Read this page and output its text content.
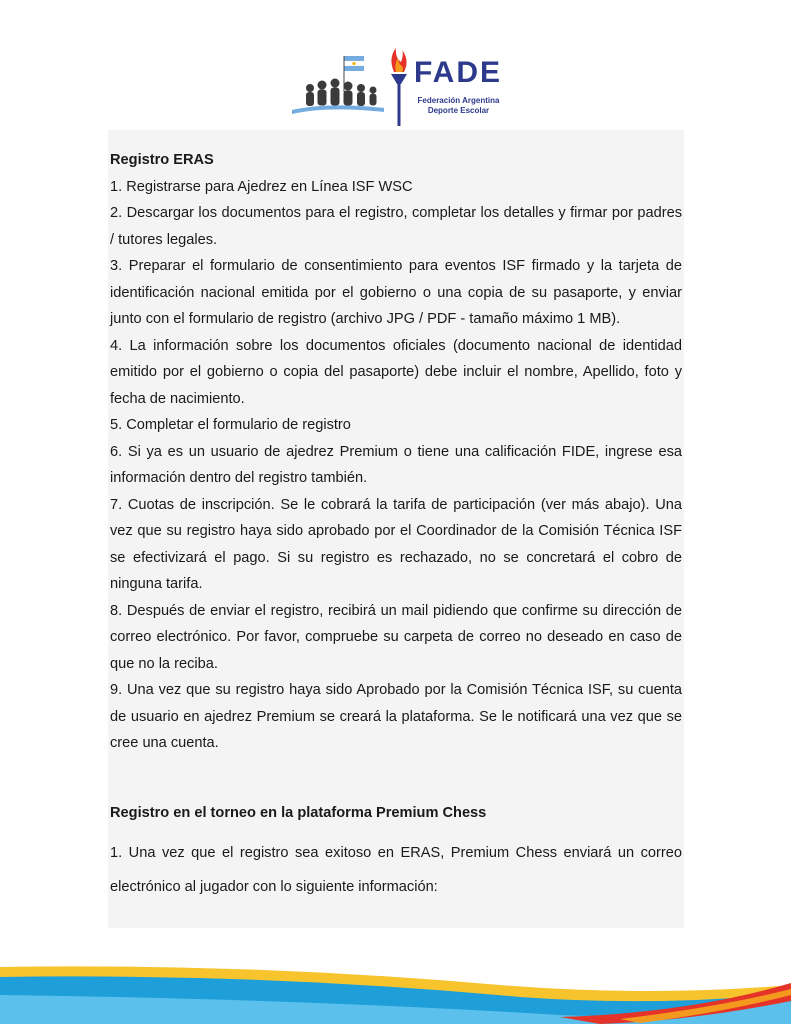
FADE
Federación Argentina
Deporte Escolar

Registro ERAS

1. Registrarse para Ajedrez en Línea ISF WSC

2. Descargar los documentos para el registro, completar los detalles y firmar por padres / tutores legales.

3. Preparar el formulario de consentimiento para eventos ISF firmado y la tarjeta de identificación nacional emitida por el gobierno o una copia de su pasaporte, y enviar junto con el formulario de registro (archivo JPG / PDF - tamaño máximo 1 MB).

4. La información sobre los documentos oficiales (documento nacional de identidad emitido por el gobierno o copia del pasaporte) debe incluir el nombre, Apellido, foto y fecha de nacimiento.

5. Completar el formulario de registro

6. Si ya es un usuario de ajedrez Premium o tiene una calificación FIDE, ingrese esa información dentro del registro también.

7. Cuotas de inscripción. Se le cobrará la tarifa de participación (ver más abajo). Una vez que su registro haya sido aprobado por el Coordinador de la Comisión Técnica ISF se efectivizará el pago. Si su registro es rechazado, no se concretará el cobro de ninguna tarifa.

8. Después de enviar el registro, recibirá un mail pidiendo que confirme su dirección de correo electrónico. Por favor, compruebe su carpeta de correo no deseado en caso de que no la reciba.

9. Una vez que su registro haya sido Aprobado por la Comisión Técnica ISF, su cuenta de usuario en ajedrez Premium se creará la plataforma. Se le notificará una vez que se cree una cuenta.

Registro en el torneo en la plataforma Premium Chess

1. Una vez que el registro sea exitoso en ERAS, Premium Chess enviará un correo electrónico al jugador con lo siguiente información:
